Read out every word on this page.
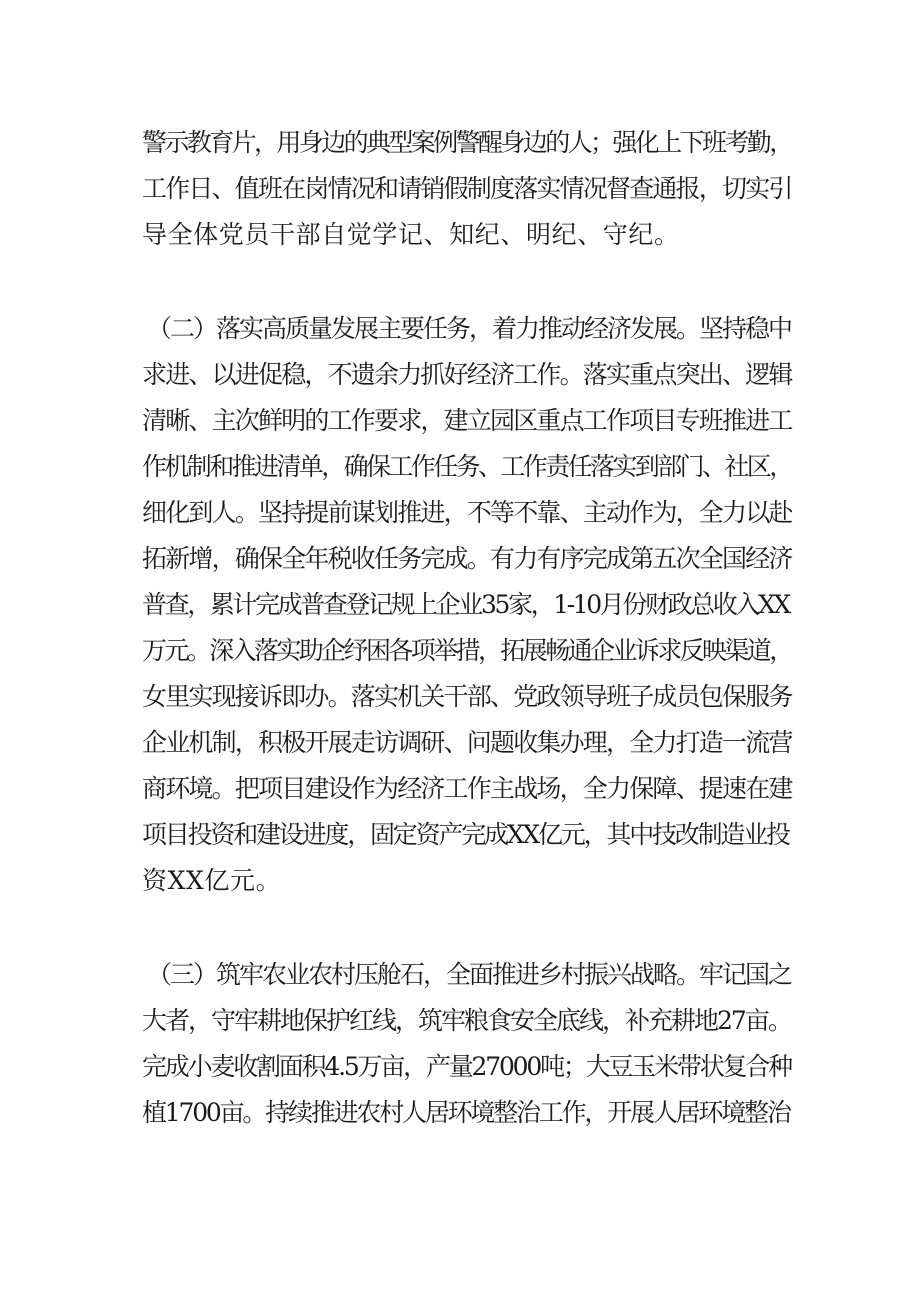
警示教育片，用身边的典型案例警醒身边的人；强化上下班考勤，
工作日、值班在岗情况和请销假制度落实情况督查通报，切实引
导全体党员干部自觉学记、知纪、明纪、守纪。
（二）落实高质量发展主要任务，着力推动经济发展。坚持稳中
求进、以进促稳，不遗余力抓好经济工作。落实重点突出、逻辑
清晰、主次鲜明的工作要求，建立园区重点工作项目专班推进工
作机制和推进清单，确保工作任务、工作责任落实到部门、社区，
细化到人。坚持提前谋划推进，不等不靠、主动作为，全力以赴
拓新增，确保全年税收任务完成。有力有序完成第五次全国经济
普查，累计完成普查登记规上企业35家，1-10月份财政总收入XX
万元。深入落实助企纾困各项举措，拓展畅通企业诉求反映渠道，
女里实现接诉即办。落实机关干部、党政领导班子成员包保服务
企业机制，积极开展走访调研、问题收集办理，全力打造一流营
商环境。把项目建设作为经济工作主战场，全力保障、提速在建
项目投资和建设进度，固定资产完成XX亿元，其中技改制造业投
资XX亿元。
（三）筑牢农业农村压舱石，全面推进乡村振兴战略。牢记国之
大者，守牢耕地保护红线，筑牢粮食安全底线，补充耕地27亩。
完成小麦收割面积4.5万亩，产量27000吨；大豆玉米带状复合种
植1700亩。持续推进农村人居环境整治工作，开展人居环境整治
